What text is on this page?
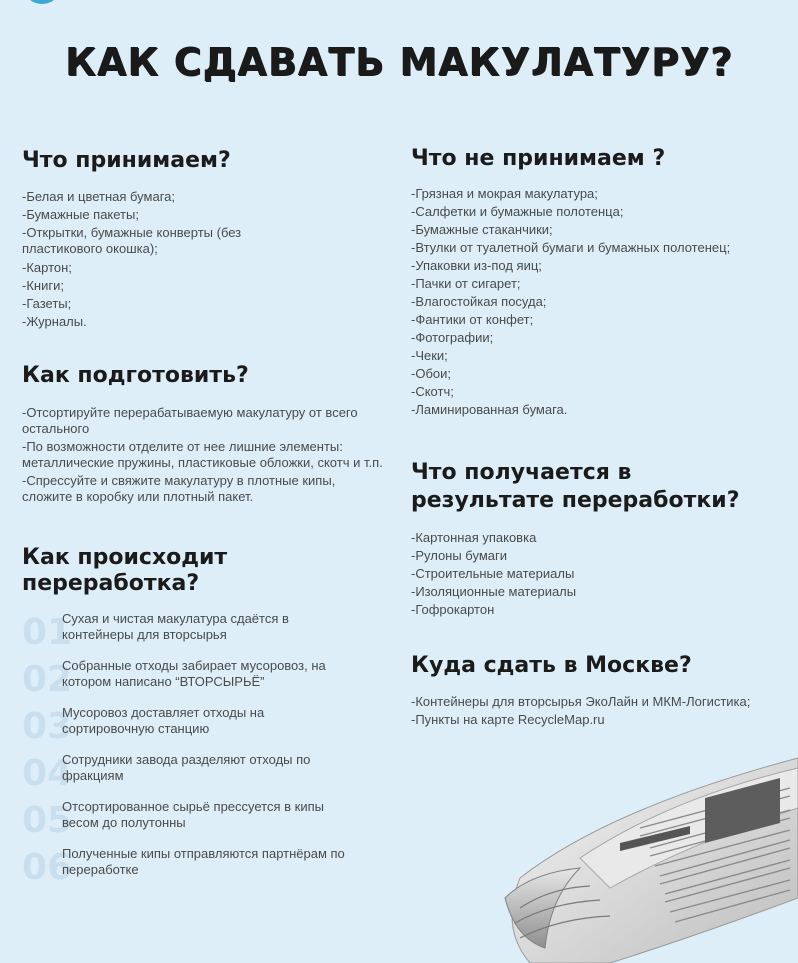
КАК СДАВАТЬ МАКУЛАТУРУ?
Что принимаем?
-Белая и цветная бумага;
-Бумажные пакеты;
-Открытки, бумажные конверты (без пластикового окошка);
-Картон;
-Книги;
-Газеты;
-Журналы.
Как подготовить?
-Отсортируйте перерабатываемую макулатуру от всего остального
-По возможности отделите от нее лишние элементы: металлические пружины, пластиковые обложки, скотч и т.п.
-Спрессуйте и свяжите макулатуру в плотные кипы, сложите в коробку или плотный пакет.
Как происходит переработка?
01
Сухая и чистая макулатура сдаётся в контейнеры для вторсырья
02
Собранные отходы забирает мусоровоз, на котором написано “ВТОРСЫРЬЁ”
03
Мусоровоз доставляет отходы на сортировочную станцию
04
Сотрудники завода разделяют отходы по фракциям
05
Отсортированное сырьё прессуется в кипы весом до полутонны
06
Полученные кипы отправляются партнёрам по переработке
Что не принимаем ?
-Грязная и мокрая макулатура;
-Салфетки и бумажные полотенца;
-Бумажные стаканчики;
-Втулки от туалетной бумаги и бумажных полотенец;
-Упаковки из-под яиц;
-Пачки от сигарет;
-Влагостойкая посуда;
-Фантики от конфет;
-Фотографии;
-Чеки;
-Обои;
-Скотч;
-Ламинированная бумага.
Что получается в результате переработки?
-Картонная упаковка
-Рулоны бумаги
-Строительные материалы
-Изоляционные материалы
-Гофрокартон
Куда сдать в Москве?
-Контейнеры для вторсырья ЭкоЛайн и МКМ-Логистика;
-Пункты на карте RecycleMap.ru
